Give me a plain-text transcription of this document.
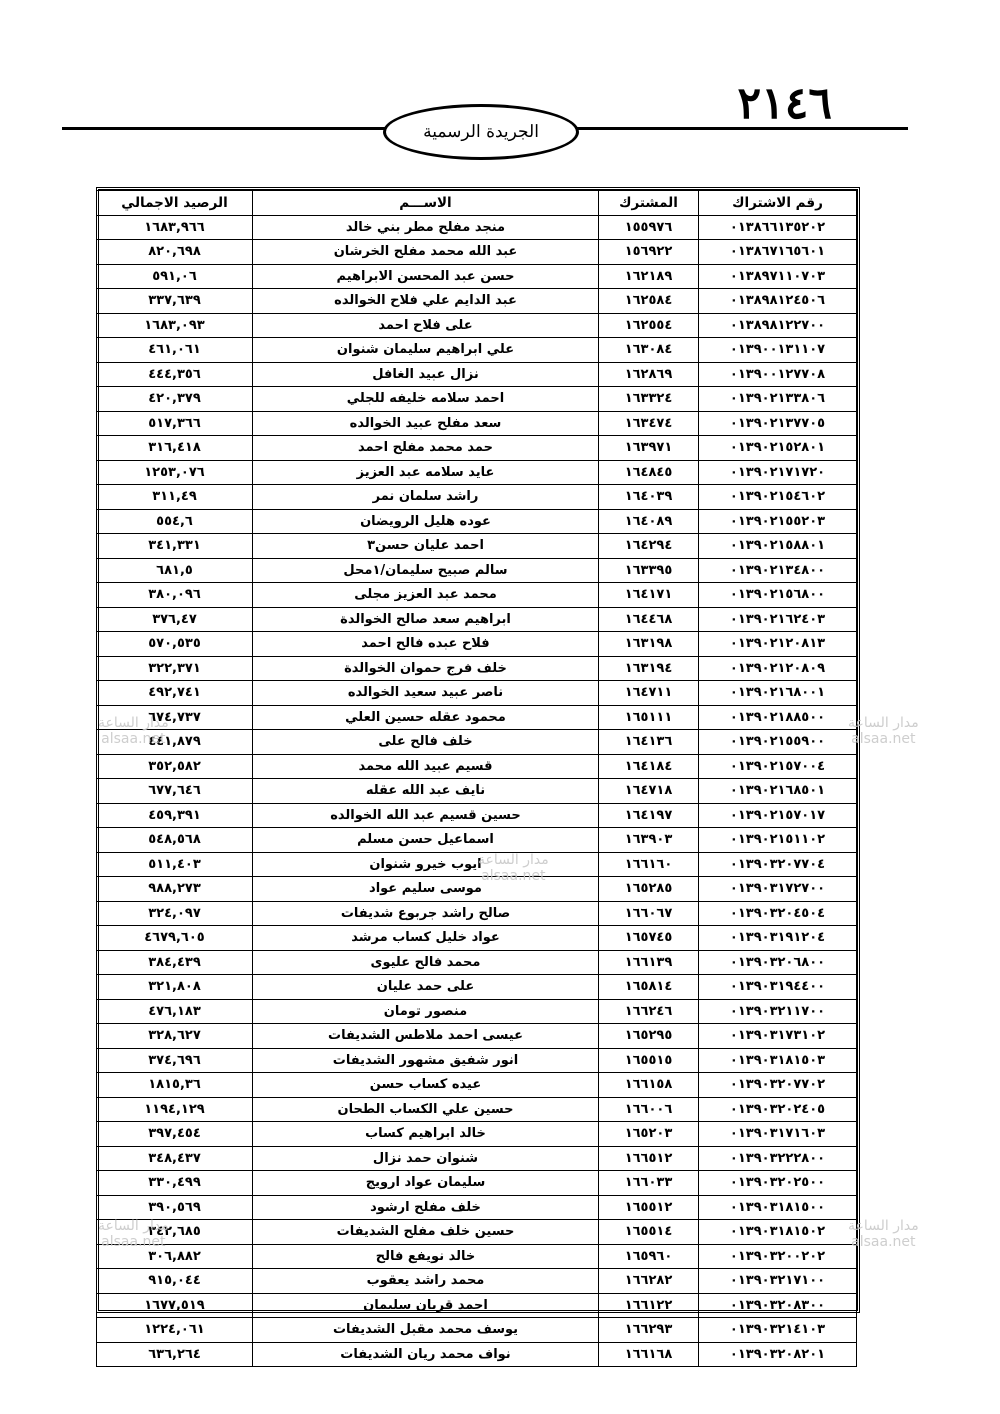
٢١٤٦
الجريدة الرسمية
رقم الاشتراك	المشترك	الاســـم	الرصيد الاجمالي
٠١٣٨٦٦١٣٥٢٠٢	١٥٥٩٧٦	منجد مفلح مطر بني خالد	١٦٨٣,٩٦٦
٠١٣٨٦٧١٦٥٦٠١	١٥٦٩٢٢	عبد الله محمد مفلح الخرشان	٨٢٠,٦٩٨
٠١٣٨٩٧١١٠٧٠٣	١٦٢١٨٩	حسن عبد المحسن الابراهيم	٥٩١,٠٦
٠١٣٨٩٨١٢٤٥٠٦	١٦٢٥٨٤	عبد الدايم علي فلاح الخوالده	٣٣٧,٦٣٩
٠١٣٨٩٨١٢٢٧٠٠	١٦٢٥٥٤	على فلاح احمد	١٦٨٣,٠٩٣
٠١٣٩٠٠١٣١١٠٧	١٦٣٠٨٤	علي ابراهيم سليمان شنوان	٤٦١,٠٦١
٠١٣٩٠٠١٢٧٧٠٨	١٦٢٨٦٩	نزال عبيد الغافل	٤٤٤,٣٥٦
٠١٣٩٠٢١٣٣٨٠٦	١٦٣٣٢٤	احمد سلامه خليفه للجلي	٤٢٠,٣٧٩
٠١٣٩٠٢١٣٧٧٠٥	١٦٣٤٧٤	سعد مفلح عبيد الخوالده	٥١٧,٣٦٦
٠١٣٩٠٢١٥٢٨٠١	١٦٣٩٧١	حمد محمد مفلح احمد	٣١٦,٤١٨
٠١٣٩٠٢١٧١٧٢٠	١٦٤٨٤٥	عايد سلامه عبد العزيز	١٢٥٣,٠٧٦
٠١٣٩٠٢١٥٤٦٠٢	١٦٤٠٣٩	راشد سلمان نمر	٣١١,٤٩
٠١٣٩٠٢١٥٥٢٠٣	١٦٤٠٨٩	عوده هليل الرويضان	٥٥٤,٦
٠١٣٩٠٢١٥٨٨٠١	١٦٤٢٩٤	احمد عليان حسن٣	٣٤١,٣٣١
٠١٣٩٠٢١٣٤٨٠٠	١٦٣٣٩٥	سالم صبيح سليمان/١محل	٦٨١,٥
٠١٣٩٠٢١٥٦٨٠٠	١٦٤١٧١	محمد عبد العزيز مجلى	٣٨٠,٠٩٦
٠١٣٩٠٢١٦٢٤٠٣	١٦٤٤٦٨	ابراهيم سعد صالح الخوالدة	٣٧٦,٤٧
٠١٣٩٠٢١٢٠٨١٣	١٦٣١٩٨	فلاح عبده فالح احمد	٥٧٠,٥٣٥
٠١٣٩٠٢١٢٠٨٠٩	١٦٣١٩٤	خلف فرج حموان الخوالدة	٣٢٢,٣٧١
٠١٣٩٠٢١٦٨٠٠١	١٦٤٧١١	ناصر عبيد سعيد الخوالده	٤٩٢,٧٤١
٠١٣٩٠٢١٨٨٥٠٠	١٦٥١١١	محمود عقله حسين العلي	٦٧٤,٧٣٧
٠١٣٩٠٢١٥٥٩٠٠	١٦٤١٣٦	خلف فالح على	٤٤١,٨٧٩
٠١٣٩٠٢١٥٧٠٠٤	١٦٤١٨٤	قسيم عبيد الله محمد	٣٥٢,٥٨٢
٠١٣٩٠٢١٦٨٥٠١	١٦٤٧١٨	نايف عبد الله عقله	٦٧٧,٦٤٦
٠١٣٩٠٢١٥٧٠١٧	١٦٤١٩٧	حسين قسيم عبد الله الخوالده	٤٥٩,٣٩١
٠١٣٩٠٢١٥١١٠٢	١٦٣٩٠٣	اسماعيل حسن مسلم	٥٤٨,٥٦٨
٠١٣٩٠٣٢٠٧٧٠٤	١٦٦١٦٠	ايوب خيرو شنوان	٥١١,٤٠٣
٠١٣٩٠٣١٧٢٧٠٠	١٦٥٢٨٥	موسى سليم عواد	٩٨٨,٢٧٣
٠١٣٩٠٣٢٠٤٥٠٤	١٦٦٠٦٧	صالح راشد جربوع شديفات	٣٢٤,٠٩٧
٠١٣٩٠٣١٩١٢٠٤	١٦٥٧٤٥	عواد خليل كساب مرشد	٤٦٧٩,٦٠٥
٠١٣٩٠٣٢٠٦٨٠٠	١٦٦١٣٩	محمد فالح عليوى	٣٨٤,٤٣٩
٠١٣٩٠٣١٩٤٤٠٠	١٦٥٨١٤	على حمد عليان	٣٢١,٨٠٨
٠١٣٩٠٣٢١١٧٠٠	١٦٦٢٤٦	منصور تومان	٤٧٦,١٨٣
٠١٣٩٠٣١٧٣١٠٢	١٦٥٢٩٥	عيسى احمد ملاطس الشديفات	٣٢٨,٦٢٧
٠١٣٩٠٣١٨١٥٠٣	١٦٥٥١٥	انور شفيق مشهور الشديفات	٣٧٤,٦٩٦
٠١٣٩٠٣٢٠٧٧٠٢	١٦٦١٥٨	عيده كساب حسن	١٨١٥,٣٦
٠١٣٩٠٣٢٠٢٤٠٥	١٦٦٠٠٦	حسين علي الكساب الطحان	١١٩٤,١٢٩
٠١٣٩٠٣١٧١٦٠٣	١٦٥٢٠٣	خالد ابراهيم كساب	٣٩٧,٤٥٤
٠١٣٩٠٣٢٢٢٨٠٠	١٦٦٥١٢	شنوان حمد نزال	٣٤٨,٤٣٧
٠١٣٩٠٣٢٠٢٥٠٠	١٦٦٠٣٣	سليمان عواد ارويج	٣٣٠,٤٩٩
٠١٣٩٠٣١٨١٥٠٠	١٦٥٥١٢	خلف مفلح ارشود	٣٩٠,٥٦٩
٠١٣٩٠٣١٨١٥٠٢	١٦٥٥١٤	حسين خلف مفلح الشديفات	٣٤٢,٦٨٥
٠١٣٩٠٣٢٠٠٢٠٢	١٦٥٩٦٠	خالد نويفع فالح	٣٠٦,٨٨٢
٠١٣٩٠٣٢١٧١٠٠	١٦٦٢٨٢	محمد راشد يعقوب	٩١٥,٠٤٤
٠١٣٩٠٣٢٠٨٣٠٠	١٦٦١٢٢	احمد قريان سليمان	١٦٧٧,٥١٩
٠١٣٩٠٣٢١٤١٠٣	١٦٦٢٩٣	يوسف محمد مقبل الشديفات	١٢٢٤,٠٦١
٠١٣٩٠٣٢٠٨٢٠١	١٦٦١٦٨	نواف محمد ريان الشديفات	٦٣٦,٢٦٤
مدار الساعة
alsaa.net
مدار الساعة
alsaa.net
مدار الساعة
alsaa.net
مدار الساعة
alsaa.net
مدار الساعة
alsaa.net
